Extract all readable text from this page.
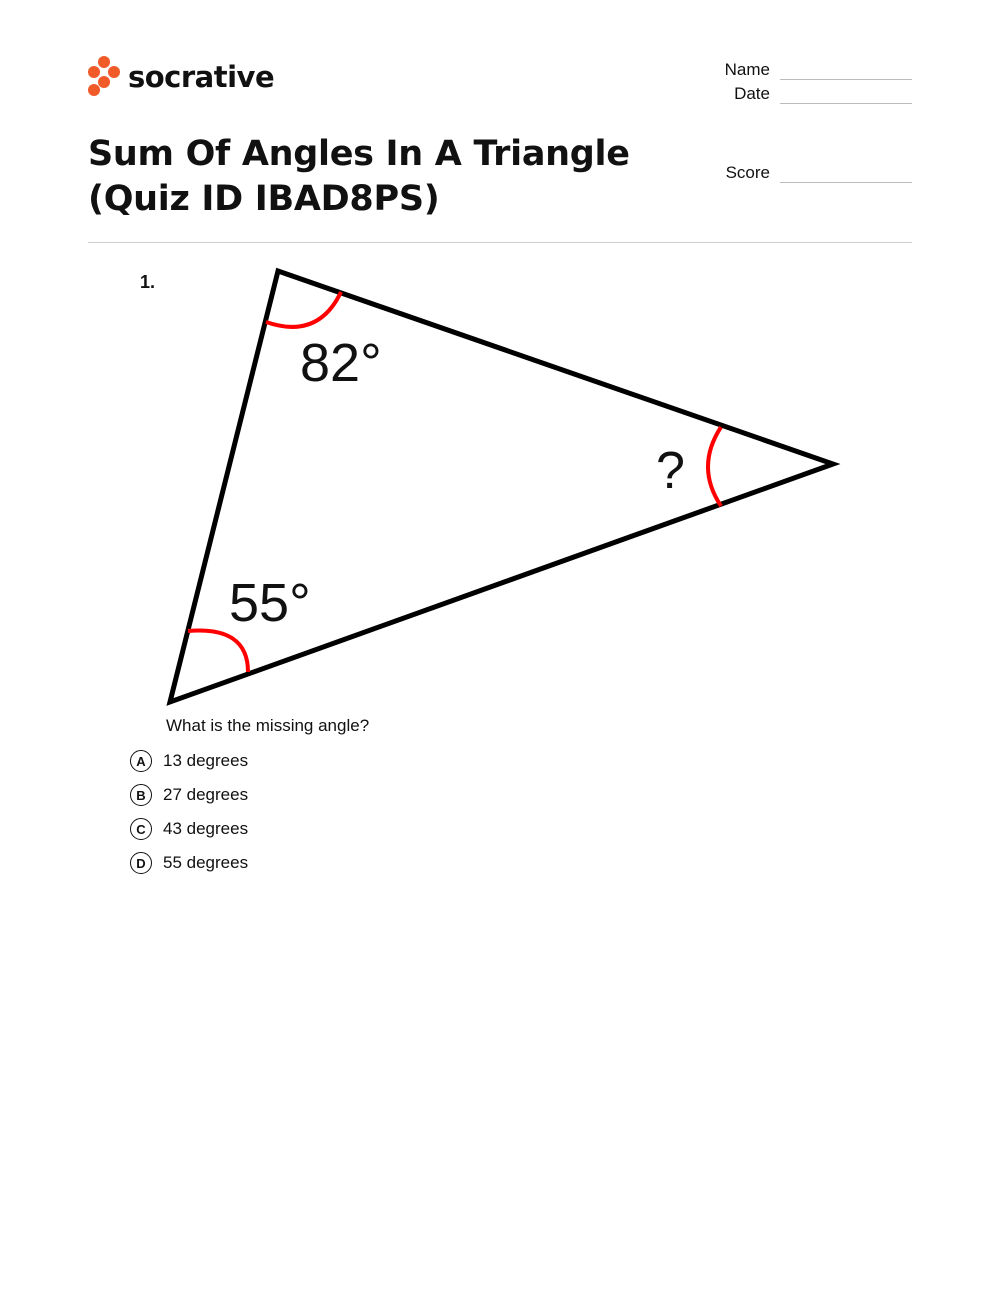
socrative	Name
Date
Score
Sum Of Angles In A Triangle
(Quiz ID IBAD8PS)
1.
82°
55°
?
What is the missing angle?
A	13 degrees
B	27 degrees
C	43 degrees
D	55 degrees
